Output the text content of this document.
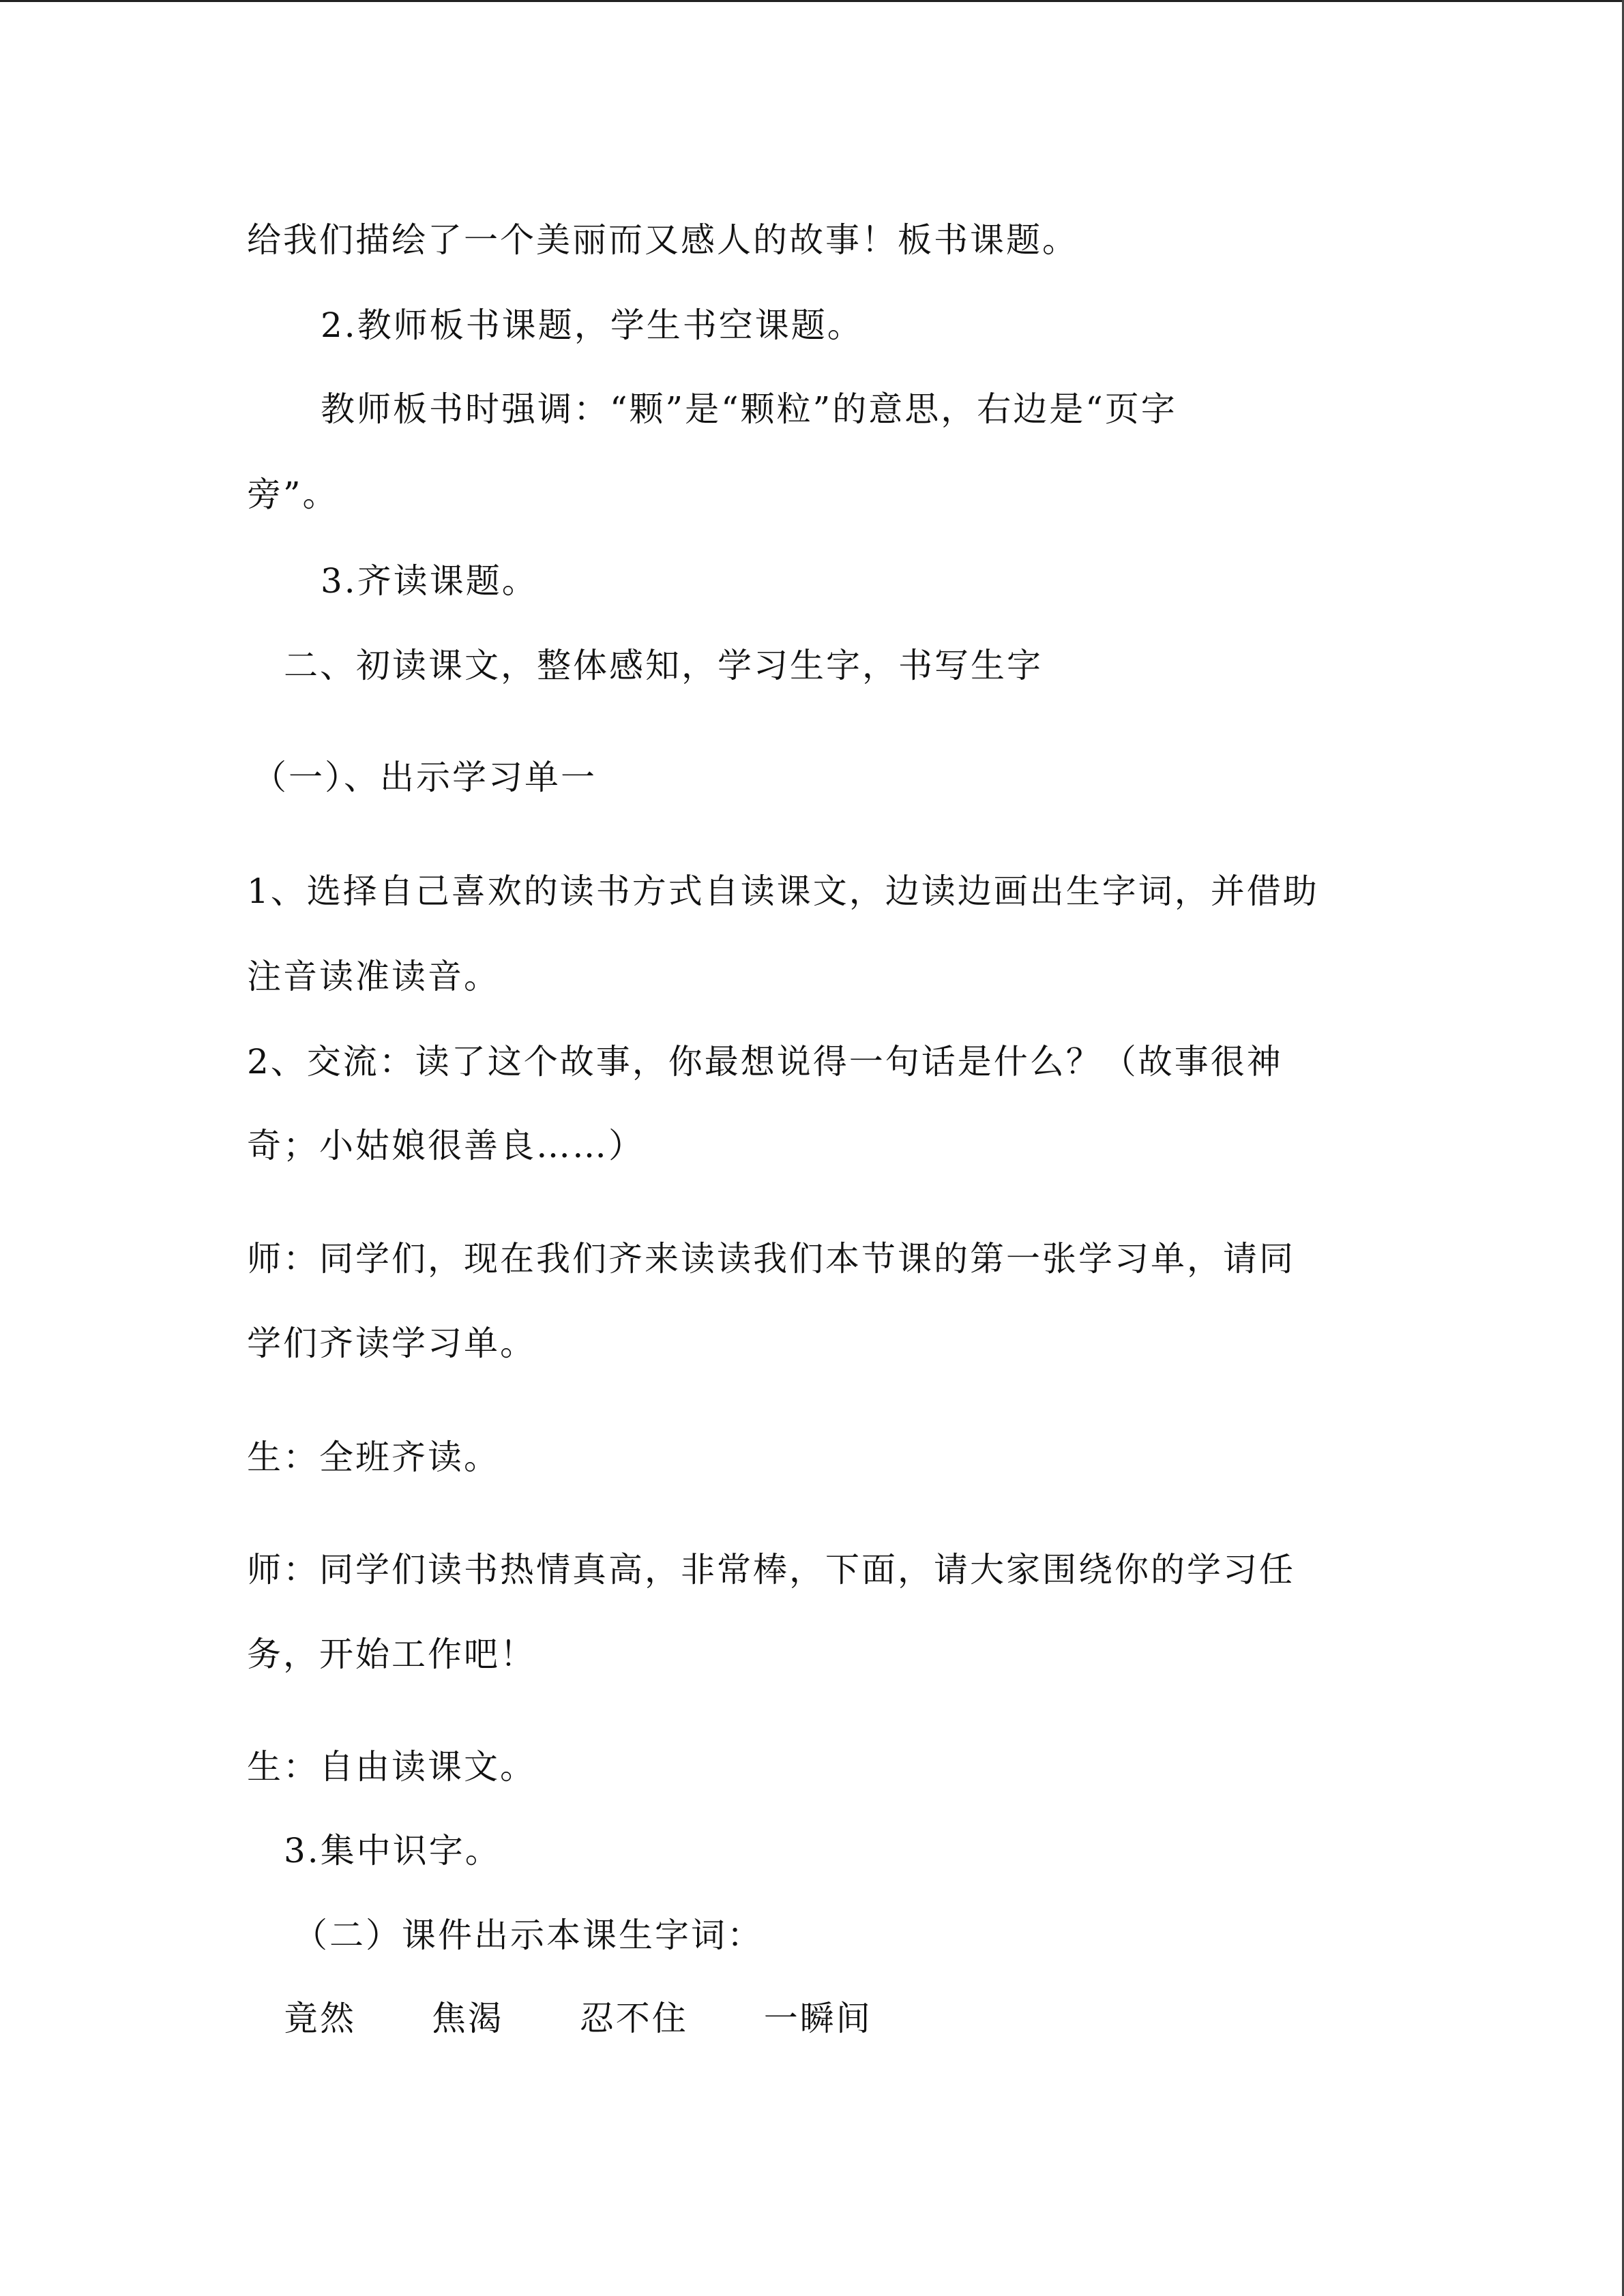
给我们描绘了一个美丽而又感人的故事！板书课题。
2.教师板书课题，学生书空课题。
教师板书时强调：“颗”是“颗粒”的意思，右边是“页字
旁”。
3.齐读课题。
二、初读课文，整体感知，学习生字，书写生字
（一）、出示学习单一
1、选择自己喜欢的读书方式自读课文，边读边画出生字词，并借助
注音读准读音。
2、交流：读了这个故事，你最想说得一句话是什么？（故事很神
奇；小姑娘很善良……）
师：同学们，现在我们齐来读读我们本节课的第一张学习单，请同
学们齐读学习单。
生：全班齐读。
师：同学们读书热情真高，非常棒，下面，请大家围绕你的学习任
务，开始工作吧！
生：自由读课文。
3.集中识字。
（二）课件出示本课生字词：
竟然 焦渴 忍不住 一瞬间
